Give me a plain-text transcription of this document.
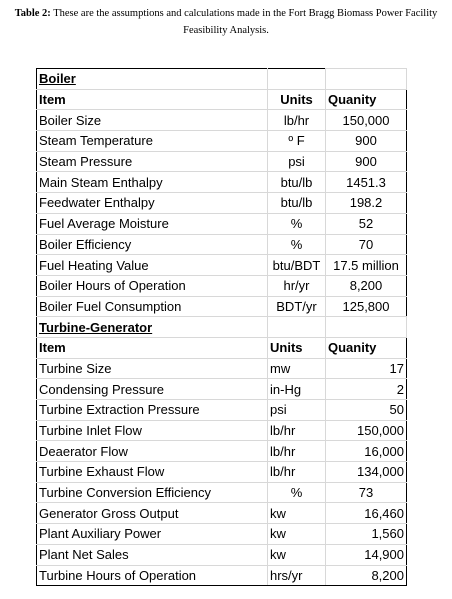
Table 2: These are the assumptions and calculations made in the Fort Bragg Biomass Power Facility Feasibility Analysis.
Boiler		
Item	Units	Quanity
Boiler Size	lb/hr	150,000
Steam Temperature	º F	900
Steam Pressure	psi	900
Main Steam Enthalpy	btu/lb	1451.3
Feedwater Enthalpy	btu/lb	198.2
Fuel Average Moisture	%	52
Boiler Efficiency	%	70
Fuel Heating Value	btu/BDT	17.5 million
Boiler Hours of Operation	hr/yr	8,200
Boiler Fuel Consumption	BDT/yr	125,800
Turbine-Generator		
Item	Units	Quanity
Turbine Size	mw	17
Condensing Pressure	in-Hg	2
Turbine Extraction Pressure	psi	50
Turbine Inlet Flow	lb/hr	150,000
Deaerator Flow	lb/hr	16,000
Turbine Exhaust Flow	lb/hr	134,000
Turbine Conversion Efficiency	%	73
Generator Gross Output	kw	16,460
Plant Auxiliary Power	kw	1,560
Plant Net Sales	kw	14,900
Turbine Hours of Operation	hrs/yr	8,200
